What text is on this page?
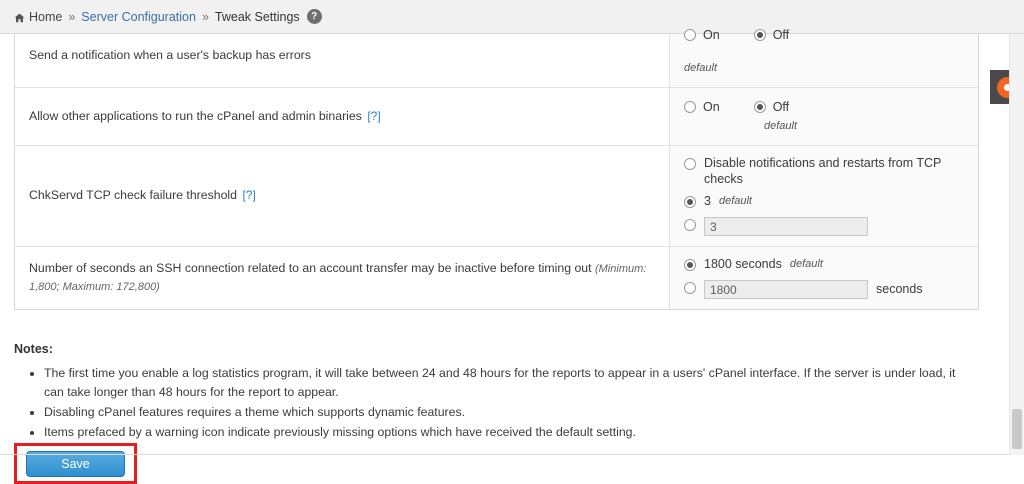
Home » Server Configuration » Tweak Settings	?
Send a notification when a user's backup has errors	On Off
default

Allow other applications to run the cPanel and admin binaries [?]	On Off
default

ChkServd TCP check failure threshold [?]	Disable notifications and restarts from TCP checks
3 default
3

Number of seconds an SSH connection related to an account transfer may be inactive before timing out (Minimum: 1,800; Maximum: 172,800)	1800 seconds default
1800
seconds
Notes:
• The first time you enable a log statistics program, it will take between 24 and 48 hours for the reports to appear in a users' cPanel interface. If the server is under load, it can take longer than 48 hours for the report to appear.
• Disabling cPanel features requires a theme which supports dynamic features.
• Items prefaced by a warning icon indicate previously missing options which have received the default setting.
Save
